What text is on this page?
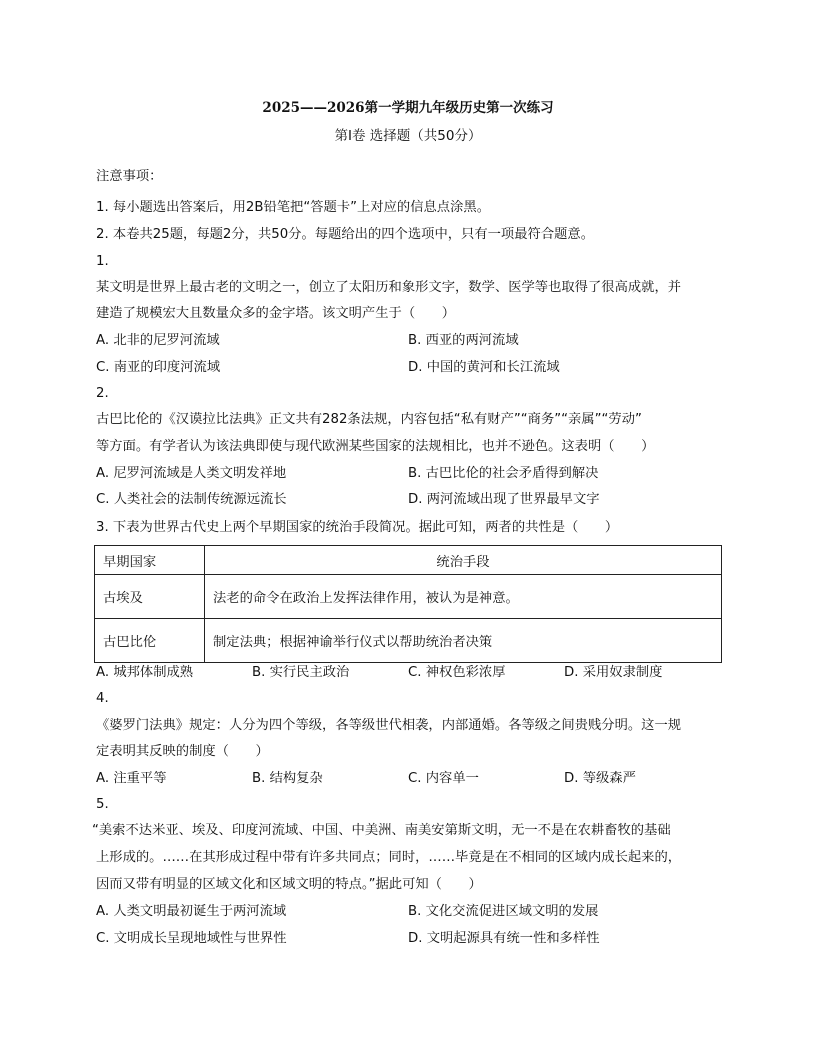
2025——2026第一学期九年级历史第一次练习
第Ⅰ卷 选择题（共50分）
注意事项：
1. 每小题选出答案后，用2B铅笔把“答题卡”上对应的信息点涂黑。
2. 本卷共25题，每题2分，共50分。每题给出的四个选项中，只有一项最符合题意。
1.
某文明是世界上最古老的文明之一，创立了太阳历和象形文字，数学、医学等也取得了很高成就，并
建造了规模宏大且数量众多的金字塔。该文明产生于（　　）
A. 北非的尼罗河流域	B. 西亚的两河流域
C. 南亚的印度河流域	D. 中国的黄河和长江流域
2.
古巴比伦的《汉谟拉比法典》正文共有282条法规，内容包括“私有财产”“商务”“亲属”“劳动”
等方面。有学者认为该法典即使与现代欧洲某些国家的法规相比，也并不逊色。这表明（　　）
A. 尼罗河流域是人类文明发祥地	B. 古巴比伦的社会矛盾得到解决
C. 人类社会的法制传统源远流长	D. 两河流域出现了世界最早文字
3. 下表为世界古代史上两个早期国家的统治手段简况。据此可知，两者的共性是（　　）
早期国家	统治手段
古埃及	法老的命令在政治上发挥法律作用，被认为是神意。
古巴比伦	制定法典；根据神谕举行仪式以帮助统治者决策
A. 城邦体制成熟	B. 实行民主政治	C. 神权色彩浓厚	D. 采用奴隶制度
4.
《婆罗门法典》规定：人分为四个等级，各等级世代相袭，内部通婚。各等级之间贵贱分明。这一规
定表明其反映的制度（　　）
A. 注重平等	B. 结构复杂	C. 内容单一	D. 等级森严
5.
“美索不达米亚、埃及、印度河流域、中国、中美洲、南美安第斯文明，无一不是在农耕畜牧的基础
上形成的。……在其形成过程中带有许多共同点；同时，……毕竟是在不相同的区域内成长起来的，
因而又带有明显的区域文化和区域文明的特点。”据此可知（　　）
A. 人类文明最初诞生于两河流域	B. 文化交流促进区域文明的发展
C. 文明成长呈现地域性与世界性	D. 文明起源具有统一性和多样性
